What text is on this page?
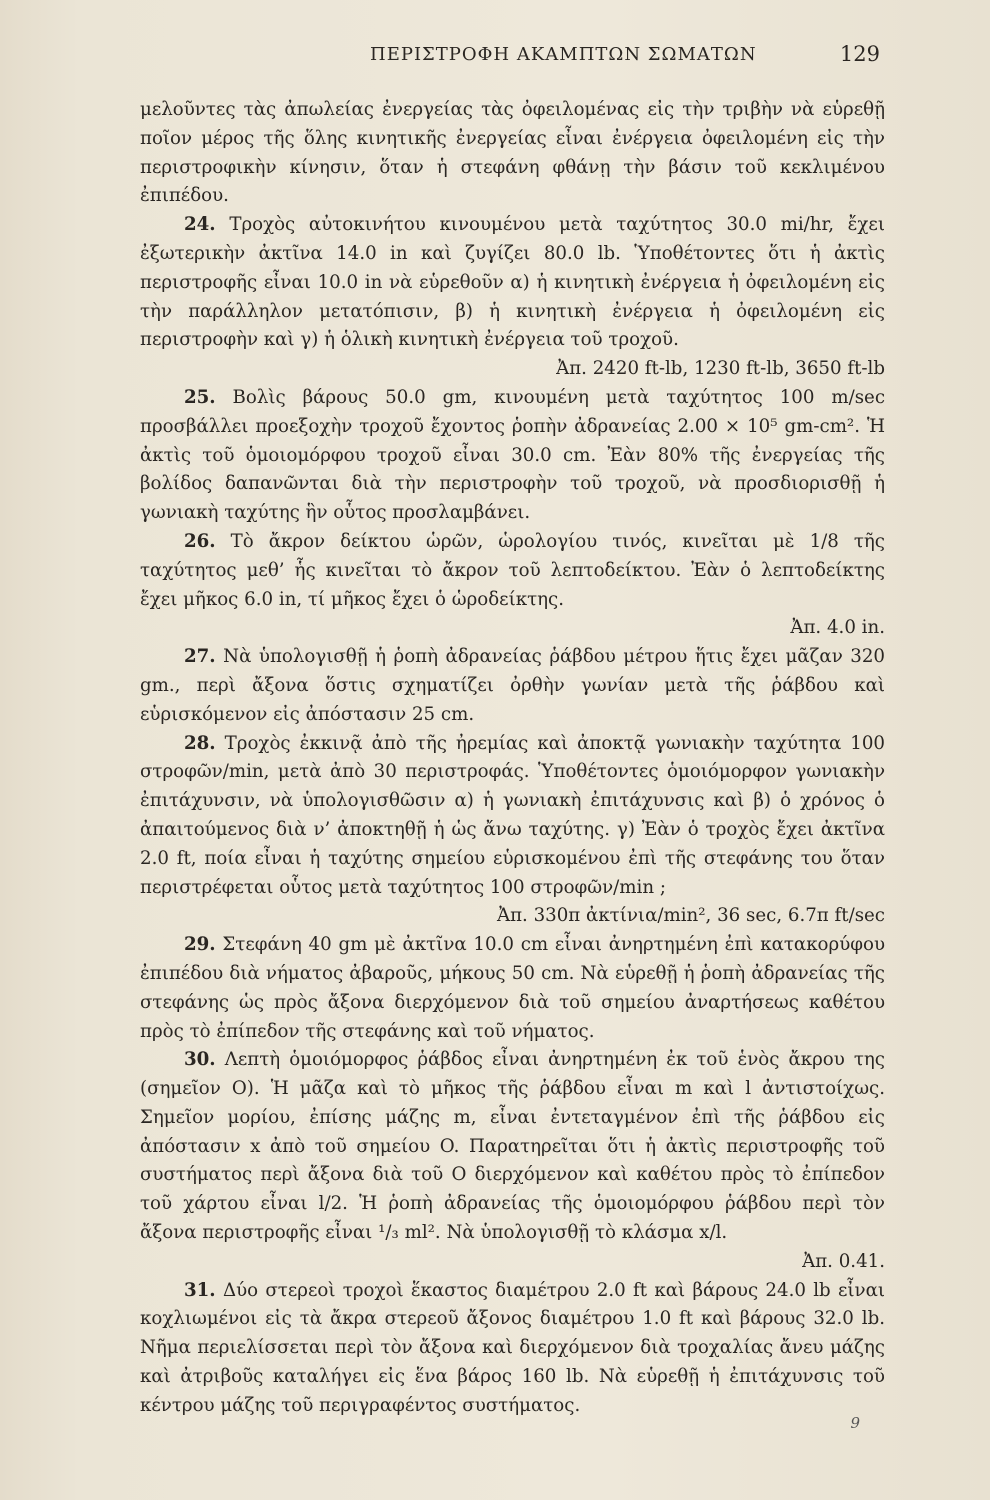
ΠΕΡΙΣΤΡΟΦΗ ΑΚΑΜΠΤΩΝ ΣΩΜΑΤΩΝ	129

μελοῦντες τὰς ἀπωλείας ἐνεργείας τὰς ὀφειλομένας εἰς τὴν τριβὴν νὰ εὑρεθῇ ποῖον μέρος τῆς ὅλης κινητικῆς ἐνεργείας εἶναι ἐνέργεια ὀφειλομένη εἰς τὴν περιστροφικὴν κίνησιν, ὅταν ἡ στεφάνη φθάνῃ τὴν βάσιν τοῦ κεκλιμένου ἐπιπέδου.

24. Τροχὸς αὐτοκινήτου κινουμένου μετὰ ταχύτητος 30.0 mi/hr, ἔχει ἐξωτερικὴν ἀκτῖνα 14.0 in καὶ ζυγίζει 80.0 lb. Ὑποθέτοντες ὅτι ἡ ἀκτὶς περιστροφῆς εἶναι 10.0 in νὰ εὑρεθοῦν α) ἡ κινητικὴ ἐνέργεια ἡ ὀφειλομένη εἰς τὴν παράλληλον μετατόπισιν, β) ἡ κινητικὴ ἐνέργεια ἡ ὀφειλομένη εἰς περιστροφὴν καὶ γ) ἡ ὁλικὴ κινητικὴ ἐνέργεια τοῦ τροχοῦ.

Ἀπ. 2420 ft-lb, 1230 ft-lb, 3650 ft-lb

25. Βολὶς βάρους 50.0 gm, κινουμένη μετὰ ταχύτητος 100 m/sec προσβάλλει προεξοχὴν τροχοῦ ἔχοντος ῥοπὴν ἀδρανείας 2.00 × 10⁵ gm-cm². Ἡ ἀκτὶς τοῦ ὁμοιομόρφου τροχοῦ εἶναι 30.0 cm. Ἐὰν 80% τῆς ἐνεργείας τῆς βολίδος δαπανῶνται διὰ τὴν περιστροφὴν τοῦ τροχοῦ, νὰ προσδιορισθῇ ἡ γωνιακὴ ταχύτης ἣν οὗτος προσλαμβάνει.

26. Τὸ ἄκρον δείκτου ὡρῶν, ὡρολογίου τινός, κινεῖται μὲ 1/8 τῆς ταχύτητος μεθ’ ἧς κινεῖται τὸ ἄκρον τοῦ λεπτοδείκτου. Ἐὰν ὁ λεπτοδείκτης ἔχει μῆκος 6.0 in, τί μῆκος ἔχει ὁ ὡροδείκτης.

Ἀπ. 4.0 in.

27. Νὰ ὑπολογισθῇ ἡ ῥοπὴ ἀδρανείας ῥάβδου μέτρου ἥτις ἔχει μᾶζαν 320 gm., περὶ ἄξονα ὅστις σχηματίζει ὀρθὴν γωνίαν μετὰ τῆς ῥάβδου καὶ εὑρισκόμενον εἰς ἀπόστασιν 25 cm.

28. Τροχὸς ἐκκινᾷ ἀπὸ τῆς ἠρεμίας καὶ ἀποκτᾷ γωνιακὴν ταχύτητα 100 στροφῶν/min, μετὰ ἀπὸ 30 περιστροφάς. Ὑποθέτοντες ὁμοιόμορφον γωνιακὴν ἐπιτάχυνσιν, νὰ ὑπολογισθῶσιν α) ἡ γωνιακὴ ἐπιτάχυνσις καὶ β) ὁ χρόνος ὁ ἀπαιτούμενος διὰ ν’ ἀποκτηθῇ ἡ ὡς ἄνω ταχύτης. γ) Ἐὰν ὁ τροχὸς ἔχει ἀκτῖνα 2.0 ft, ποία εἶναι ἡ ταχύτης σημείου εὑρισκομένου ἐπὶ τῆς στεφάνης του ὅταν περιστρέφεται οὗτος μετὰ ταχύτητος 100 στροφῶν/min ;

Ἀπ. 330π ἀκτίνια/min², 36 sec, 6.7π ft/sec

29. Στεφάνη 40 gm μὲ ἀκτῖνα 10.0 cm εἶναι ἀνηρτημένη ἐπὶ κατακορύφου ἐπιπέδου διὰ νήματος ἀβαροῦς, μήκους 50 cm. Νὰ εὑρεθῇ ἡ ῥοπὴ ἀδρανείας τῆς στεφάνης ὡς πρὸς ἄξονα διερχόμενον διὰ τοῦ σημείου ἀναρτήσεως καθέτου πρὸς τὸ ἐπίπεδον τῆς στεφάνης καὶ τοῦ νήματος.

30. Λεπτὴ ὁμοιόμορφος ῥάβδος εἶναι ἀνηρτημένη ἐκ τοῦ ἑνὸς ἄκρου της (σημεῖον O). Ἡ μᾶζα καὶ τὸ μῆκος τῆς ῥάβδου εἶναι m καὶ l ἀντιστοίχως. Σημεῖον μορίου, ἐπίσης μάζης m, εἶναι ἐντεταγμένον ἐπὶ τῆς ῥάβδου εἰς ἀπόστασιν x ἀπὸ τοῦ σημείου O. Παρατηρεῖται ὅτι ἡ ἀκτὶς περιστροφῆς τοῦ συστήματος περὶ ἄξονα διὰ τοῦ O διερχόμενον καὶ καθέτου πρὸς τὸ ἐπίπεδον τοῦ χάρτου εἶναι l/2. Ἡ ῥοπὴ ἀδρανείας τῆς ὁμοιομόρφου ῥάβδου περὶ τὸν ἄξονα περιστροφῆς εἶναι ¹/₃ ml². Νὰ ὑπολογισθῇ τὸ κλάσμα x/l.

Ἀπ. 0.41.

31. Δύο στερεοὶ τροχοὶ ἕκαστος διαμέτρου 2.0 ft καὶ βάρους 24.0 lb εἶναι κοχλιωμένοι εἰς τὰ ἄκρα στερεοῦ ἄξονος διαμέτρου 1.0 ft καὶ βάρους 32.0 lb. Νῆμα περιελίσσεται περὶ τὸν ἄξονα καὶ διερχόμενον διὰ τροχαλίας ἄνευ μάζης καὶ ἀτριβοῦς καταλήγει εἰς ἕνα βάρος 160 lb. Νὰ εὑρεθῇ ἡ ἐπιτάχυνσις τοῦ κέντρου μάζης τοῦ περιγραφέντος συστήματος.

9
